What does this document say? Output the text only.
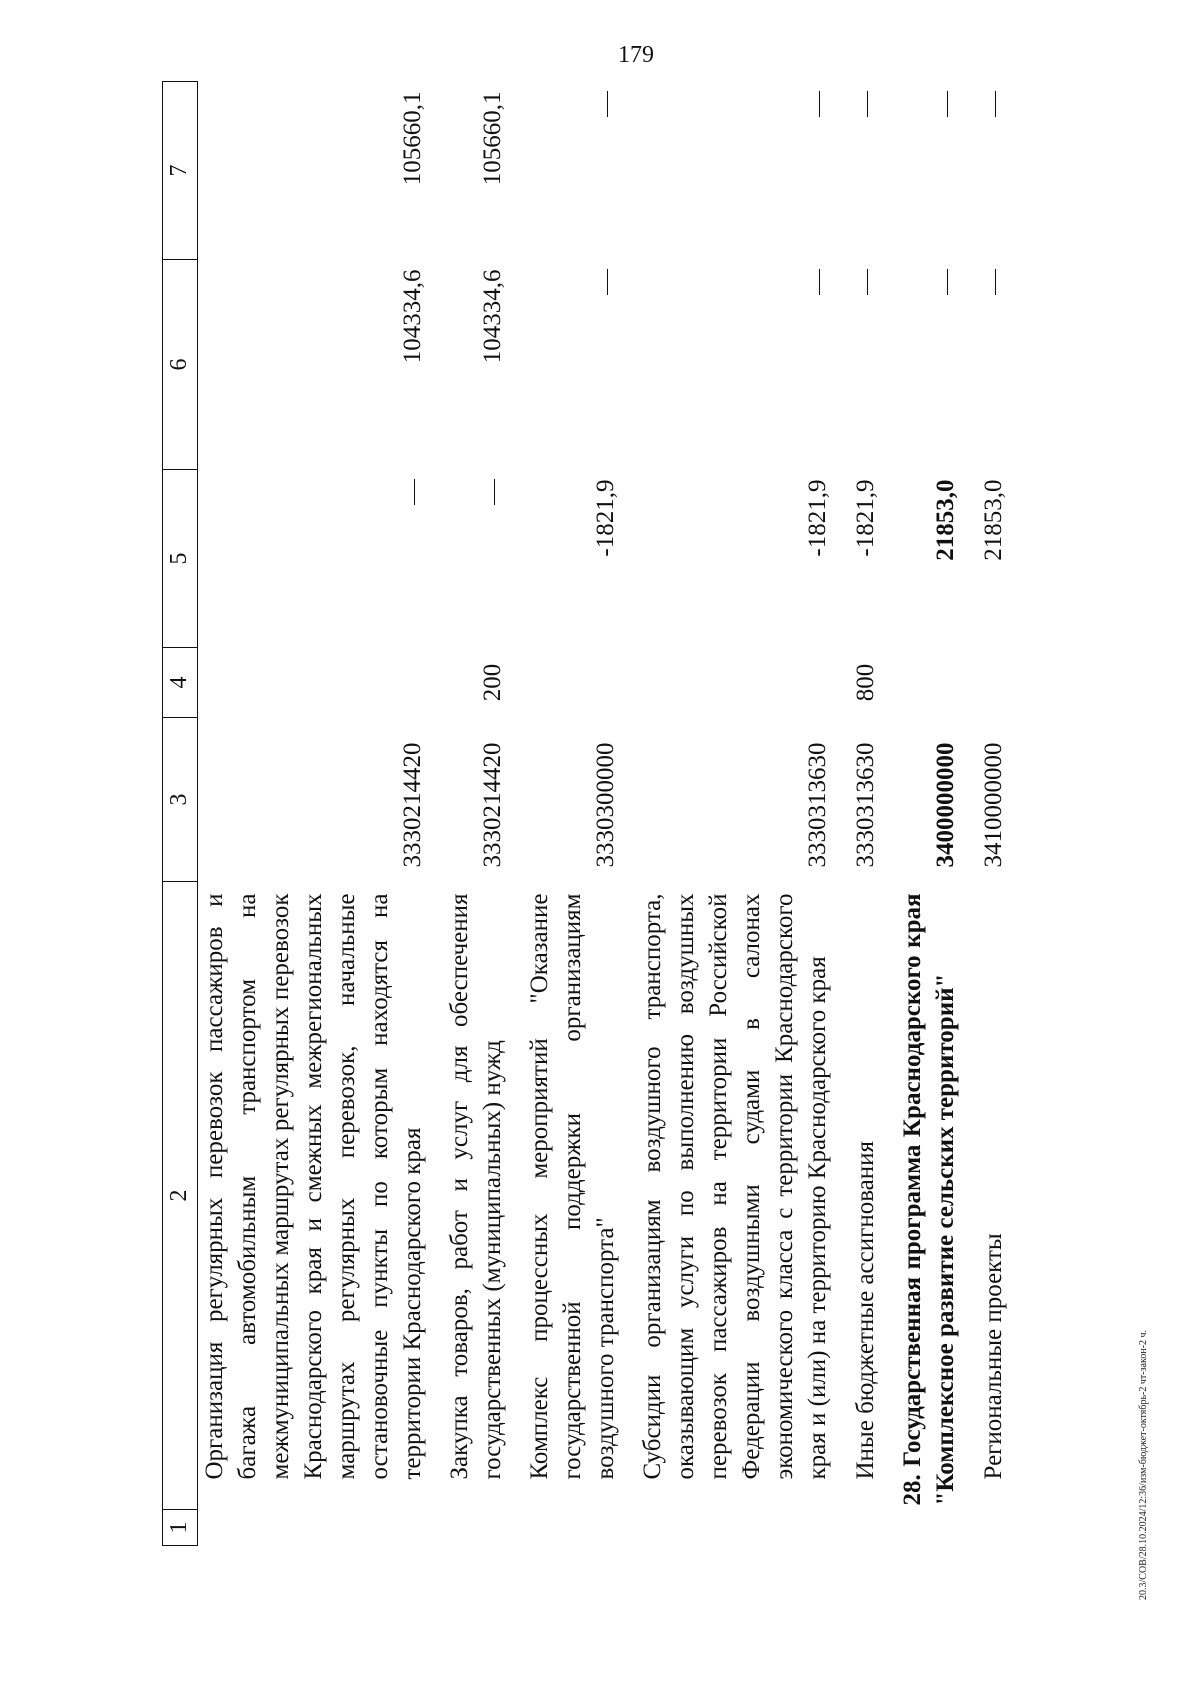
179
1	2	3	4	5	6	7
	Организация регулярных перевозок пассажиров и багажа автомобильным транспортом на межмуниципальных маршрутах регулярных перевозок Краснодарского края и смежных межрегиональных маршрутах регулярных перевозок, начальные остановочные пункты по которым находятся на территории Краснодарского края	3330214420			104334,6	105660,1
	Закупка товаров, работ и услуг для обеспечения государственных (муниципальных) нужд	3330214420	200		104334,6	105660,1
	Комплекс процессных мероприятий "Оказание государственной поддержки организациям воздушного транспорта"	3330300000		-1821,9		
	Субсидии организациям воздушного транспорта, оказывающим услуги по выполнению воздушных перевозок пассажиров на территории Российской Федерации воздушными судами в салонах экономического класса с территории Краснодарского края и (или) на территорию Краснодарского края	3330313630		-1821,9		
	Иные бюджетные ассигнования	3330313630	800	-1821,9		
	28. Государственная программа Краснодарского края "Комплексное развитие сельских территорий"	3400000000		21853,0		
	Региональные проекты	3410000000		21853,0		
20.3/СОВ/28.10.2024/12:36/изм-бюджет-октябрь-2 чт-закон-2 ч.
